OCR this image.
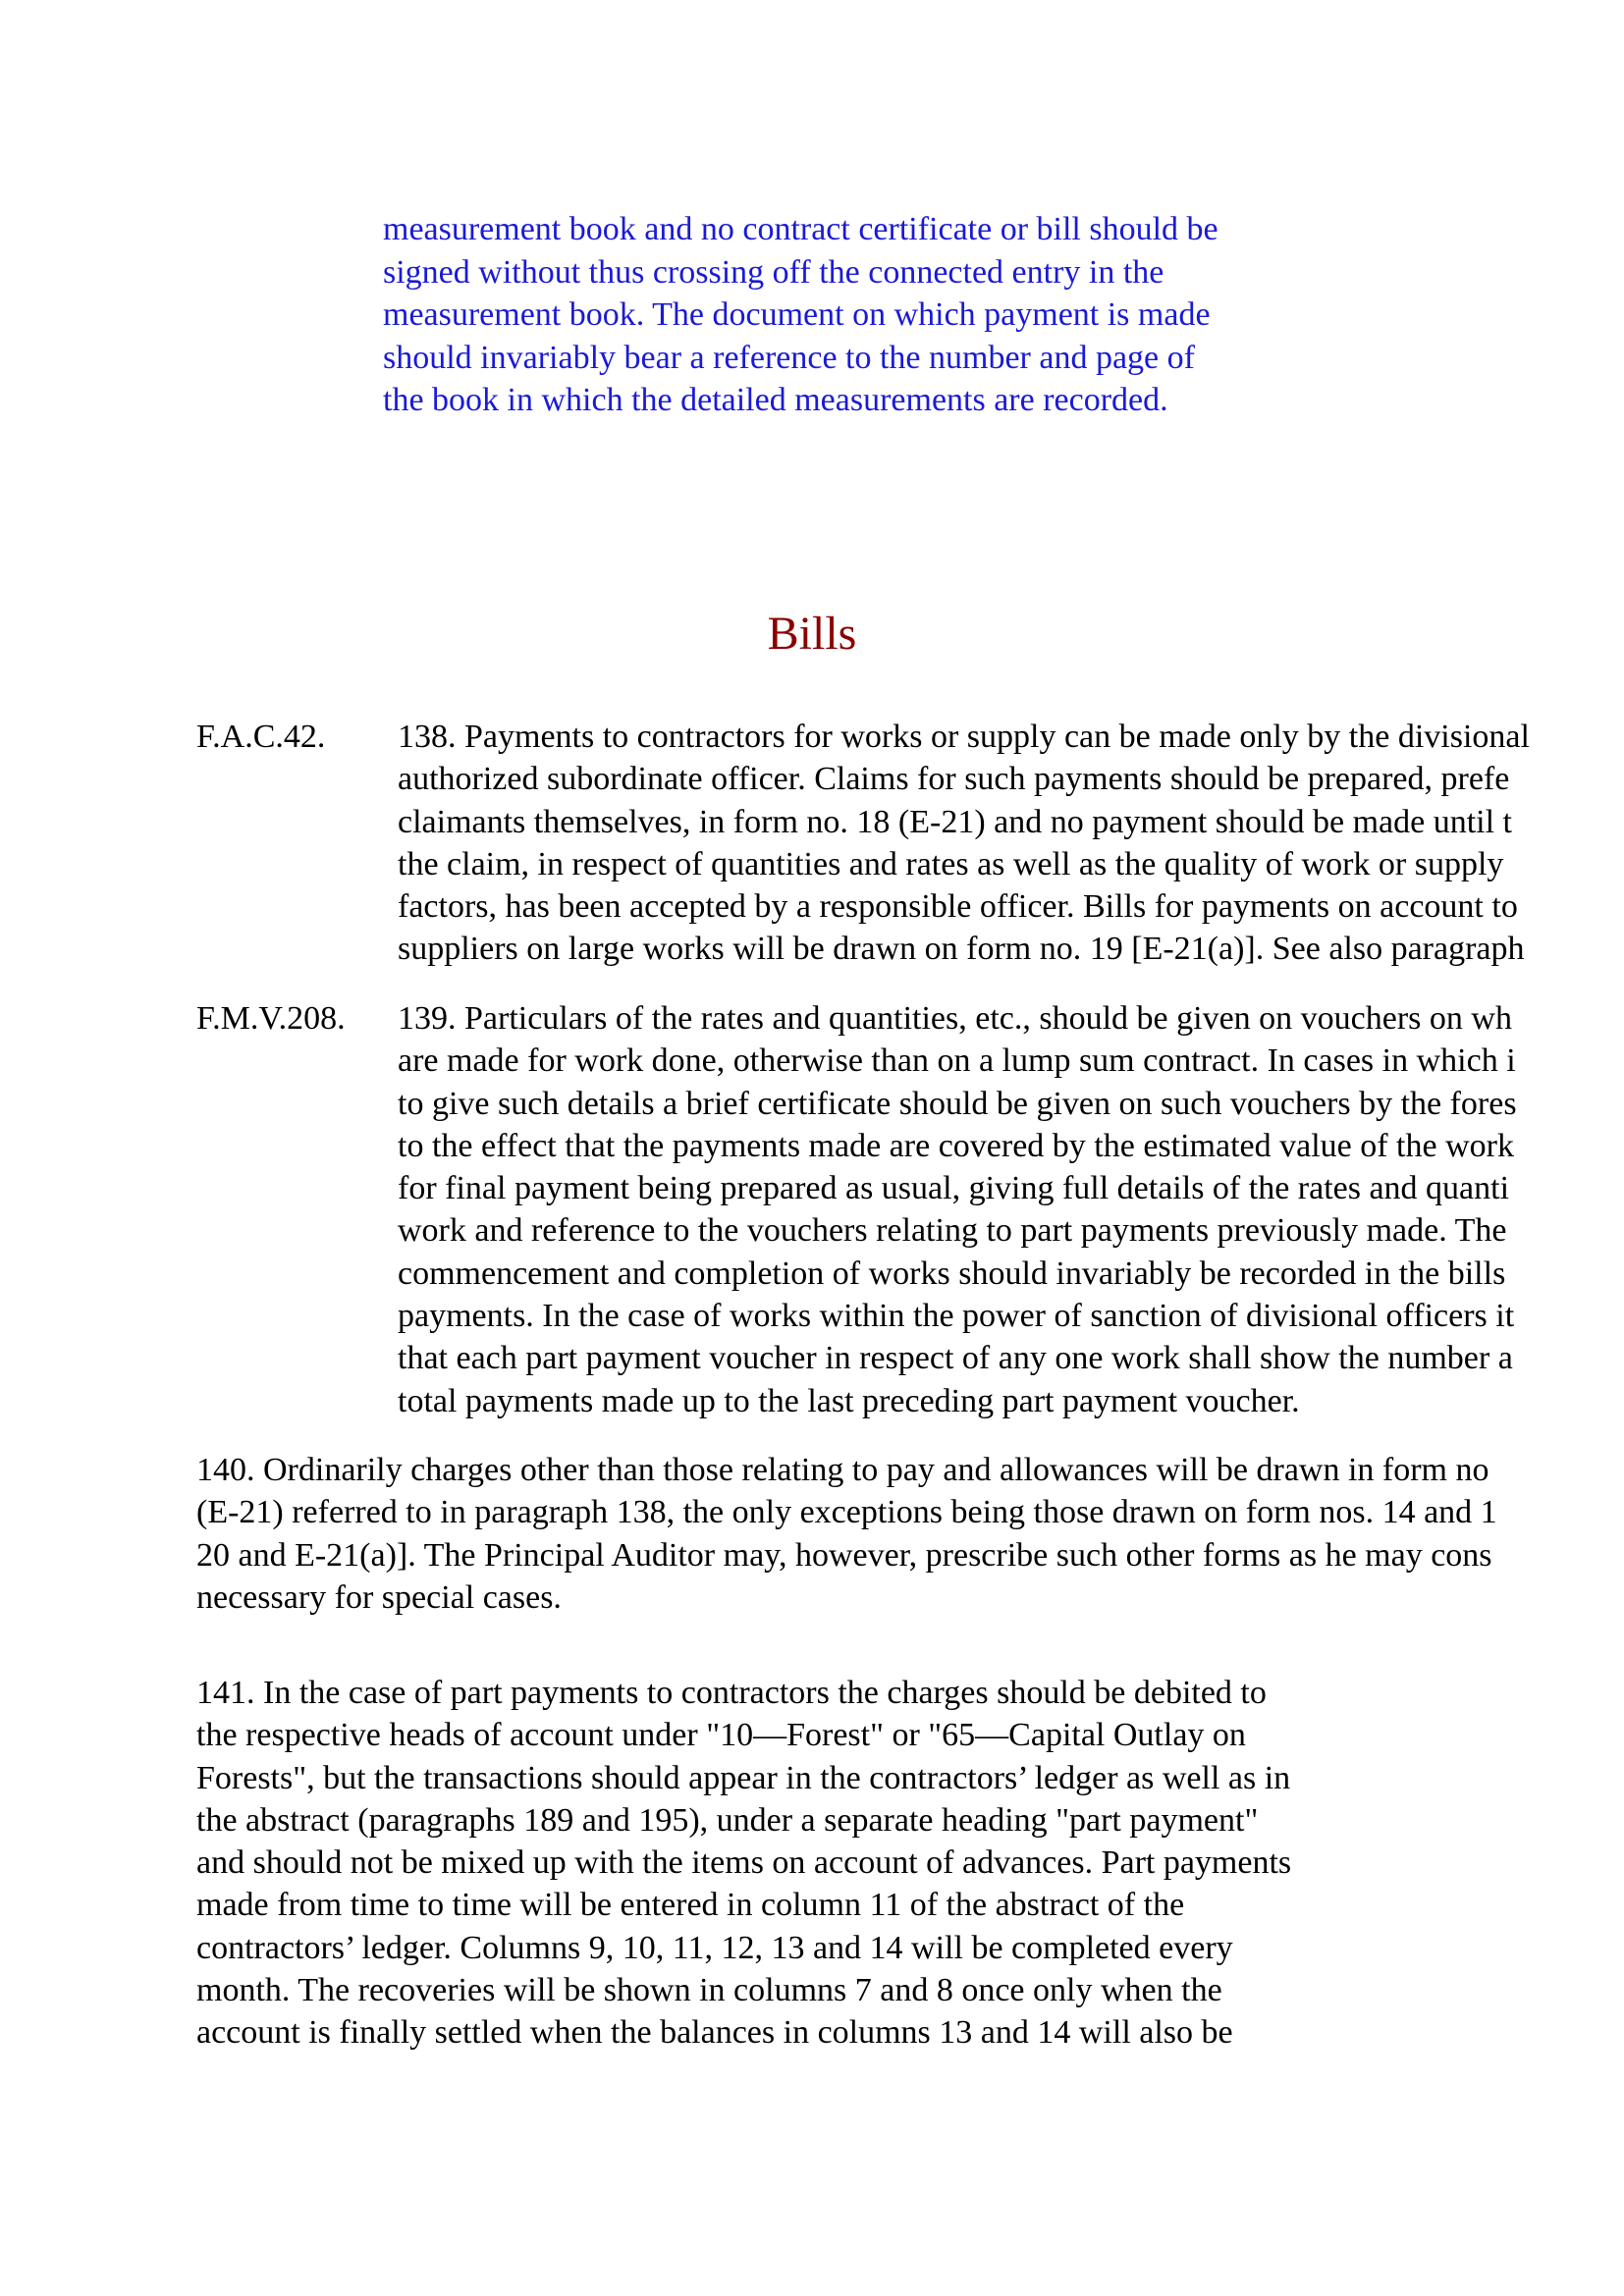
measurement book and no contract certificate or bill should be
signed without thus crossing off the connected entry in the
measurement book. The document on which payment is made
should invariably bear a reference to the number and page of
the book in which the detailed measurements are recorded.
Bills
F.A.C.42. 138. Payments to contractors for works or supply can be made only by the divisional
authorized subordinate officer. Claims for such payments should be prepared, prefe
claimants themselves, in form no. 18 (E-21) and no payment should be made until t
the claim, in respect of quantities and rates as well as the quality of work or supply
factors, has been accepted by a responsible officer. Bills for payments on account to
suppliers on large works will be drawn on form no. 19 [E-21(a)]. See also paragraph
F.M.V.208. 139. Particulars of the rates and quantities, etc., should be given on vouchers on wh
are made for work done, otherwise than on a lump sum contract. In cases in which i
to give such details a brief certificate should be given on such vouchers by the fores
to the effect that the payments made are covered by the estimated value of the work
for final payment being prepared as usual, giving full details of the rates and quanti
work and reference to the vouchers relating to part payments previously made. The
commencement and completion of works should invariably be recorded in the bills
payments. In the case of works within the power of sanction of divisional officers it
that each part payment voucher in respect of any one work shall show the number a
total payments made up to the last preceding part payment voucher.
140. Ordinarily charges other than those relating to pay and allowances will be drawn in form no
(E-21) referred to in paragraph 138, the only exceptions being those drawn on form nos. 14 and 1
20 and E-21(a)]. The Principal Auditor may, however, prescribe such other forms as he may cons
necessary for special cases.
141. In the case of part payments to contractors the charges should be debited to
the respective heads of account under "10—Forest" or "65—Capital Outlay on
Forests", but the transactions should appear in the contractors’ ledger as well as in
the abstract (paragraphs 189 and 195), under a separate heading "part payment"
and should not be mixed up with the items on account of advances. Part payments
made from time to time will be entered in column 11 of the abstract of the
contractors’ ledger. Columns 9, 10, 11, 12, 13 and 14 will be completed every
month. The recoveries will be shown in columns 7 and 8 once only when the
account is finally settled when the balances in columns 13 and 14 will also be
